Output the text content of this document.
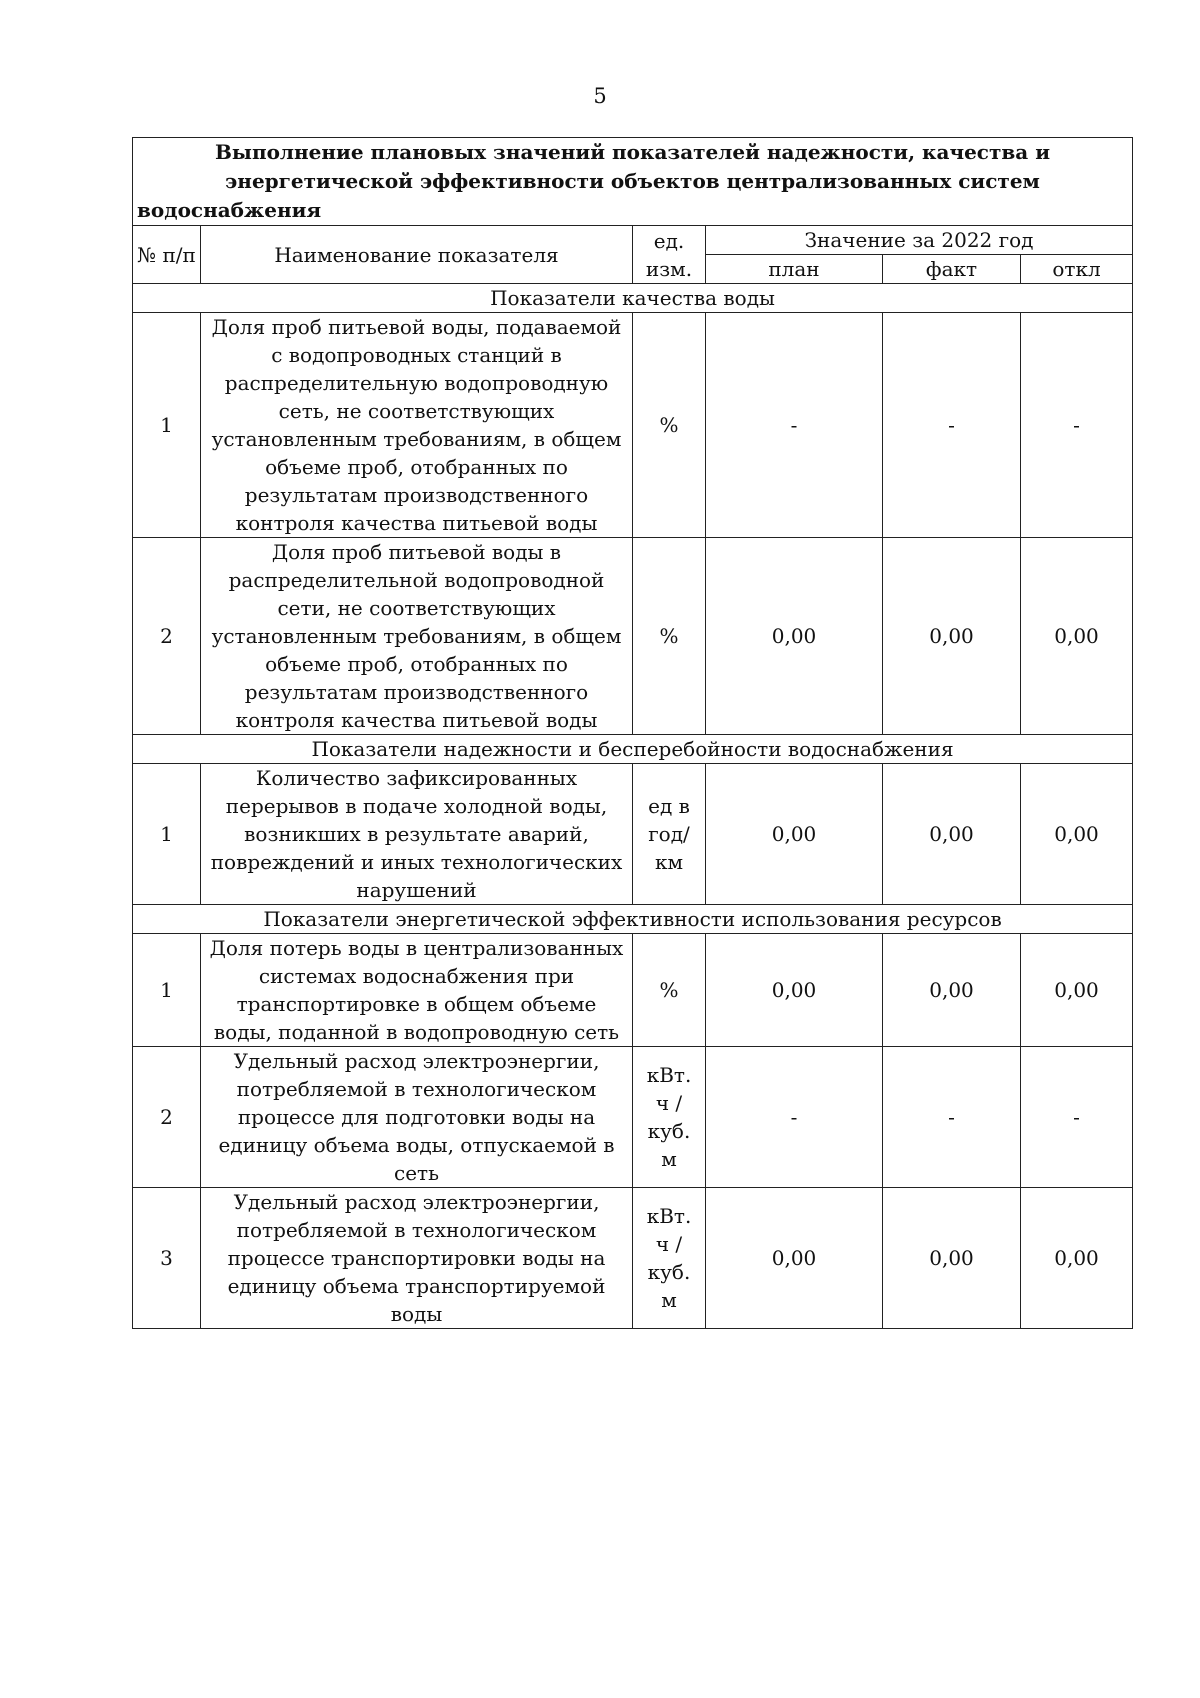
5
Выполнение плановых значений показателей надежности, качества и энергетической эффективности объектов централизованных систем водоснабжения					
№ п/п	Наименование показателя	ед. изм.	Значение за 2022 год		
			план	факт	откл
Показатели качества воды					
1	Доля проб питьевой воды, подаваемой с водопроводных станций в распределительную водопроводную сеть, не соответствующих установленным требованиям, в общем объеме проб, отобранных по результатам производственного контроля качества питьевой воды	%	-	-	-
2	Доля проб питьевой воды в распределительной водопроводной сети, не соответствующих установленным требованиям, в общем объеме проб, отобранных по результатам производственного контроля качества питьевой воды	%	0,00	0,00	0,00
Показатели надежности и бесперебойности водоснабжения					
1	Количество зафиксированных перерывов в подаче холодной воды, возникших в результате аварий, повреждений и иных технологических нарушений	ед в год/ км	0,00	0,00	0,00
Показатели энергетической эффективности использования ресурсов					
1	Доля потерь воды в централизованных системах водоснабжения при транспортировке в общем объеме воды, поданной в водопроводную сеть	%	0,00	0,00	0,00
2	Удельный расход электроэнергии, потребляемой в технологическом процессе для подготовки воды на единицу объема воды, отпускаемой в сеть	кВт. ч / куб. м	-	-	-
3	Удельный расход электроэнергии, потребляемой в технологическом процессе транспортировки воды на единицу объема транспортируемой воды	кВт. ч / куб. м	0,00	0,00	0,00
